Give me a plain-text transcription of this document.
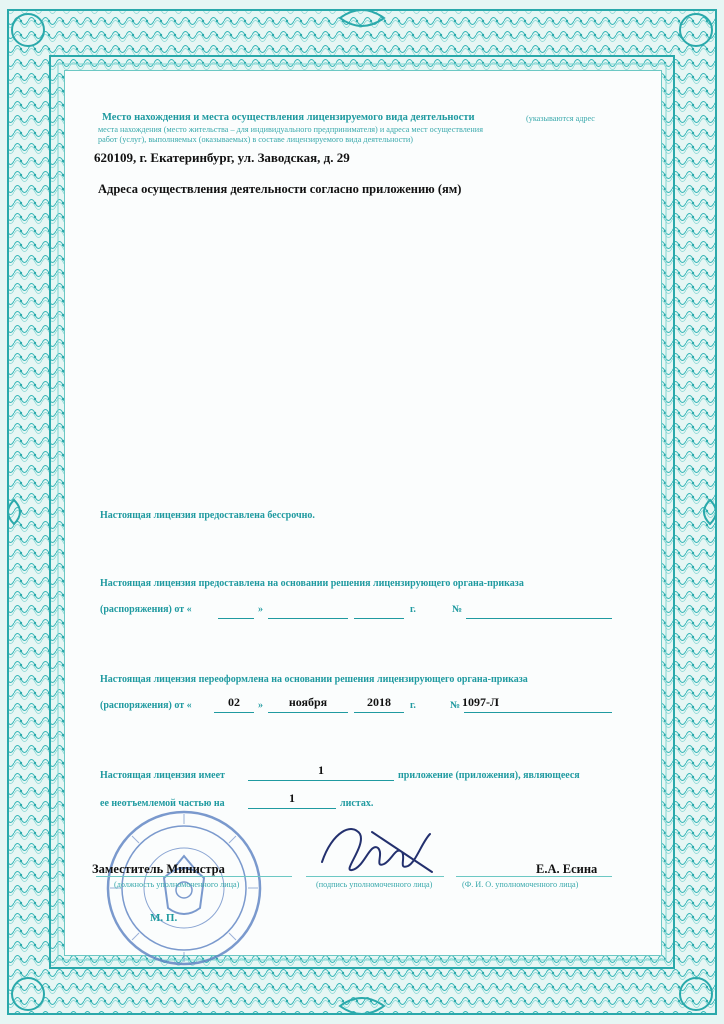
Место нахождения и места осуществления лицензируемого вида деятельности	(указываются адрес

места нахождения (место жительства – для индивидуального предпринимателя) и адреса мест осуществления

работ (услуг), выполняемых (оказываемых) в составе лицензируемого вида деятельности)

620109, г. Екатеринбург, ул. Заводская, д. 29

Адреса осуществления деятельности согласно приложению (ям)

Настоящая лицензия предоставлена бессрочно.

Настоящая лицензия предоставлена на основании решения лицензирующего органа-приказа

(распоряжения) от «	»	г.	№

Настоящая лицензия переоформлена на основании решения лицензирующего органа-приказа

(распоряжения) от «	02	»	ноября	2018	г.	№ 1097-Л

Настоящая лицензия имеет	1	приложение (приложения), являющееся

ее неотъемлемой частью на	1	листах.

Заместитель Министра	Е.А. Есина

(должность уполномоченного лица)	(подпись уполномоченного лица)	(Ф. И. О. уполномоченного лица)

М. П.
